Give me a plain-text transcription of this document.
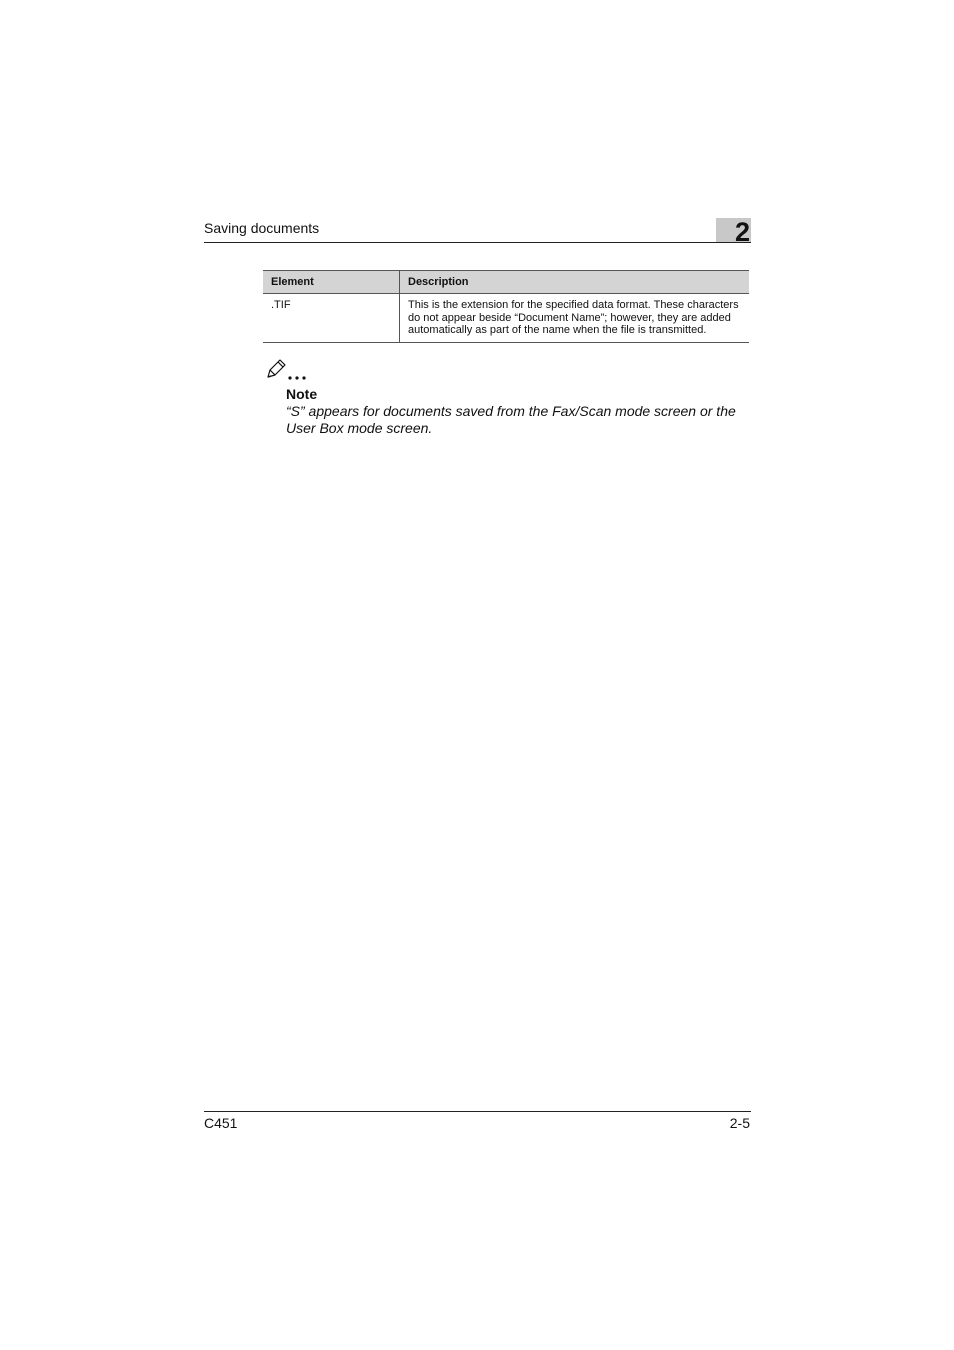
Saving documents	2
Element	Description
.TIF	This is the extension for the specified data format. These characters do not appear beside “Document Name”; however, they are added automatically as part of the name when the file is transmitted.
Note
“S” appears for documents saved from the Fax/Scan mode screen or the User Box mode screen.
C451	2-5
